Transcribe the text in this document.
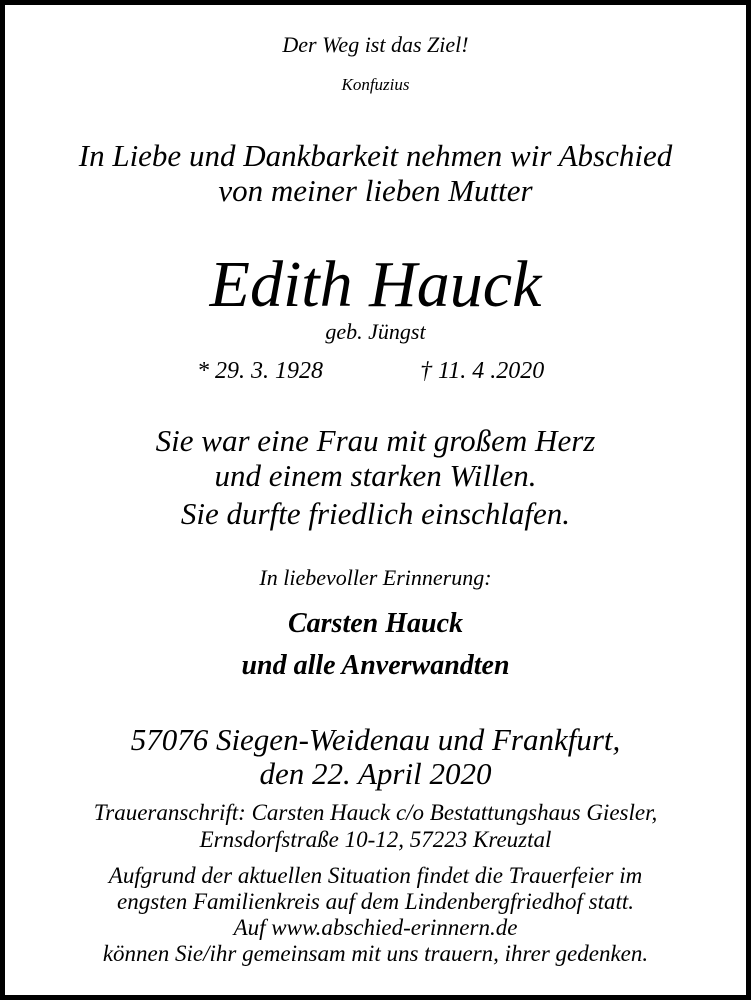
Der Weg ist das Ziel!
Konfuzius
In Liebe und Dankbarkeit nehmen wir Abschied
von meiner lieben Mutter
Edith Hauck
geb. Jüngst
* 29. 3. 1928	† 11. 4 .2020
Sie war eine Frau mit großem Herz
und einem starken Willen.
Sie durfte friedlich einschlafen.
In liebevoller Erinnerung:
Carsten Hauck
und alle Anverwandten
57076 Siegen-Weidenau und Frankfurt,
den 22. April 2020
Traueranschrift: Carsten Hauck c/o Bestattungshaus Giesler,
Ernsdorfstraße 10-12, 57223 Kreuztal
Aufgrund der aktuellen Situation findet die Trauerfeier im
engsten Familienkreis auf dem Lindenbergfriedhof statt.
Auf www.abschied-erinnern.de
können Sie/ihr gemeinsam mit uns trauern, ihrer gedenken.
